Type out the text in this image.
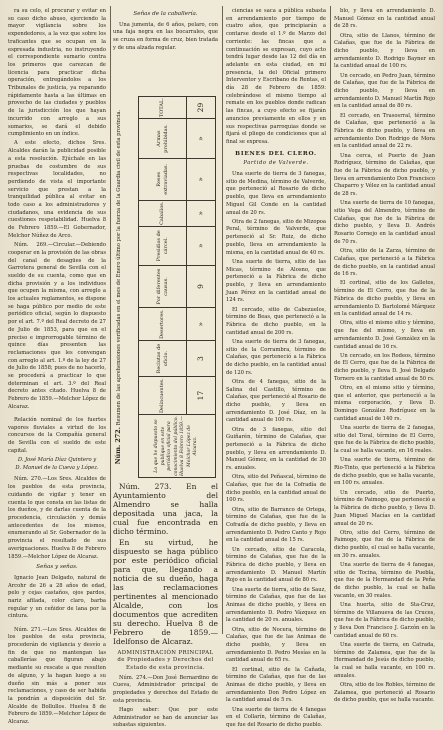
ra su celo, el procurar y evitar en su caso dicho abuso, ejerciendo la mayor vigilancia sobre los expendedores, a la vez que sobre los traficantes que se ocupan en la espresada industria, no instruyendo el correspondiente sumario contra los primeros que carezcan de licencia para practicar dicha operación, entregándolos a los Tribunales de justicia, ya reparando rápidamente hasta a las últimas en provecho de las ciudades y pueblos de la jurisdicción los que hayan incurrido con arreglo a sus sumarios, se dará el debido cumplimiento en un índice.

A este efecto, dichos Sres. Alcaldes darán la publicidad posible a esta resolución. Ejúchale en las pruebas de costumbre de sus respectivas localidades, no perdiendo de vista el importante servicio que prestan a la tranquilidad pública al evitar en todo caso a los administradores y ciudadanos, una evidencia de sus cuestiones respetabilidad. Huelva 8 de Febrero 1859.—El Gobernador, Melchor Núñez de Arco.

Núm. 269.—Circular.—Debiendo cooperar en la provisión de las obras del canal de desagües de la Garrotera general de Sevilla con el sueldo de su cuenta, como que en dicha provisión y a los individuos que ocupen la misma, con arreglo a los actuales reglamentos, se dispone se haga público por medio de este periódico oficial, según lo dispuesto por el art. 7.º del Real decreto de 27 de Julio de 1853, para que en el preciso e improrrogable término de quince días presenten las reclamaciones que les convengan con arreglo al art. 1.º de la ley de 27 de Julio de 1858; pues de no hacerlo, se procederá a practicar lo que determinan el art. 3.º del Real decreto antes citado. Huelva 8 de Febrero de 1859.—Melchor López de Alcaraz.

Relación nominal de los fuertes vapores fluviales a virtud de los concursos de la Compañía general de Sevilla con el sueldo de este capital.

D. José María Díaz Quintero y
D. Manuel de la Cueva y López.

Núm. 270.—Los Sres. Alcaldes de los pueblos de esta provincia, cuidando de vigilar y tener en cuenta lo que consta en las listas de los dueños, y de darlas cuenta de la procedencia, circulación y demás antecedentes de los mismos, enumerando al Sr. Gobernador de la provincia el resultado de sus averiguaciones. Huelva 8 de Febrero 1859.—Melchor López de Alcaraz.

Señas y señas.

Ignacio Jean Delgado, natural de Arcohr de 26 a 28 años de edad, pelo y cejas castaños, ojos pardos, nariz afilada, color claro, barba regular y un ceñidor de lana por la cintura.

Núm. 271.—Los Sres. Alcaldes de los pueblos de esta provincia, procederán de vigilancia y desvío a fin de que no mantengan las caballerías que figuran abajo mediante su rescate a que resulten de alguno, y la hagan luego a su dueño sin más a poner sus reclamaciones, y caso de ser habida la pondrán a disposición del Sr. Alcalde de Bollullos. Huelva 8 de Febrero de 1859.—Melchor López de Alcaraz.

Señas de la caballería.

Una jumenta, de 6 años, pelaro, con una faja negra en las bocarrales, que se cruza en forma de cruz, bien tratada y de una alzada regular.

Núm. 272. Resumen de las aprehensiones verificadas en el mes de Enero último por la fuerza de la Guardia civil de esta provincia.
Lo que he dispuesto se publique en este periódico oficial para conocimiento del público. Huelva 8 Febrero 1859.—Melchor López de Alcaraz.	Delincuentes.	Reclutas de oficio.	Desertores.	Por diferentes causas.	Presidios de cárcel.	Caballos.	Reses extraviadas.	Armas prohibidas.	TOTAL.
	17	3	»	9	»	»	»	»	29

Núm. 273. En el Ayuntamiento del Almendro se halla depositada una jaca, la cual fue encontrada en dicho término.

En su virtud, he dispuesto se haga público por este periódico oficial para que, llegando a noticia de su dueño, haga las reclamaciones pertinentes al mencionado Alcalde, con los documentos que acrediten su derecho. Huelva 8 de Febrero de 1859.—Idelfonso de Alcaraz.

ADMINISTRACIÓN PRINCIPAL de Propiedades y Derechos del Estado de esta provincia.

Núm. 274.—Don José Bernardino de Cueva, Administrador principal de propiedades y derechos del Estado de esta provincia.

Hago saber: Que por este Administrador se han de anunciar las subastas siguientes.

ciencias se saca a pública subasta en arrendamiento por tiempo de cuatro años, que principiarán a contarse desde el 1.º de Marzo del corriente: las fincas que a continuación se expresan, cuyo acto tendrá lugar desde las 12 del día en adelante en esta ciudad, en mi presencia, la del Oficial primero Interventor y Escribano de Rentas, el día 28 de Febrero de 1859: celebrándose el mismo tiempo al remate en los pueblos donde radican las fincas, a cuyo efecto se fijarán anuncios previamente en ellos y en sus respectivas parroquias donde se fijará el pliego de condiciones que al final se expresa.

BIENES DEL CLERO.
Partido de Valverde.

Una suerte de tierra de 3 fanegas, sitio de Medina, término de Valverde, que perteneció al Rosario de dicho pueblo, que lleva en arrendamiento Miguel Gil Conde en la cantidad anual de 20 rs.

Otra de 2 fanegas, sitio de Mizopoa Peral, término de Valverde, que perteneció al Sr. Ruiz, de dicho pueblo, lleva en arrendamiento la misma, en la cantidad anual de 40 rs.

Una suerte de tierra, sitio de las Micas, término de Alosno, que perteneció a la Fábrica de dicho pueblo, y lleva en arrendamiento Juan Pérez en la cantidad anual de 124 rs.

El cercado, sitio de Cabezuelos, término de Beas, que perteneció a la Fábrica de dicho pueblo, en la cantidad anual de 200 rs.

Una suerte de tierra de 3 fanegas, sitio de la Corrambra, término de Calañas, que perteneció a la Fábrica de dicho pueblo, en la cantidad anual de 120 rs.

Otra de 4 fanegas, sitio de la Salina del Castillo, término de Calañas, que perteneció al Rosario de dicho pueblo, y lleva en arrendamiento D. José Díaz, en la cantidad anual de 100 rs.

Otra de 3 fanegas, sitio del Guiñarén, término de Calañas, que perteneció a la Fábrica de dicho pueblo, y lleva en arrendamiento D. Manuel Gómez, en la cantidad de 30 rs. anuales.

Otra, sitio del Peñascal, término de Calañas, que fue de la Cofradía de dicho pueblo, en la cantidad anual de 100 rs.

Otra, sitio de Barranco de Ortega, término de Calañas, que fue de la Cofradía de dicho pueblo, y lleva en arrendamiento D. Pedro Canto y Rojo en la cantidad anual de 15 rs.

Un cercado, sitio de Caracola, término de Calañas, que fue de la Fábrica de dicho pueblo, y lleva en arrendamiento D. Manuel Martín Rojo en la cantidad anual de 80 rs.

Una suerte de tierra, sitio de Sauz, término de Calañas, que fue de las Animas de dicho pueblo, y lleva en arrendamiento D. Pedro Vázquez en la cantidad de 20 rs. anuales.

Otra, sitio de Nocera, término de Calañas, que fue de las Animas de dicho pueblo, y lleva en arrendamiento D. Pedro Mesías en la cantidad anual de 65 rs.

El cortinal, sitio de la Cañada, término de Calañas, que fue de las Animas de dicho pueblo, y lleva en arrendamiento Don Pedro López en la cantidad anual de 5 rs.

Una suerte de tierra de 4 fanegas en el Collarín, término de Calañas, que fue del Rosario de dicho pueblo.

blo, y lleva en arrendamiento D. Manuel Gómez en la cantidad anual de 28 rs.

Otra, sitio de Llanos, término de Calañas, que fue de la Fábrica de dicho pueblo, y lleva en arrendamiento D. Rodrigo Bayner en la cantidad anual de 100 rs.

Un cercado, en Pedro Juan, término de Calañas, que fue de la Fábrica de dicho pueblo, y lleva en arrendamiento D. Manuel Martín Rojo en la cantidad anual de 80 rs.

El cercado, en Trasosrral, término de Calañas, que perteneció a la Fábrica de dicho pueblo, y lleva en arrendamiento Don Rodrigo de Mora en la cantidad anual de 22 rs.

Una cerca, el Puerto de Juan Rodríguez, término de Calañas, que fue de la Fábrica de dicho pueblo, y lleva en arrendamiento Don Francisco Chaparro y Vélez en la cantidad anual de 28 rs.

Una suerte de tierra de 10 fanegas, sitio Vega del Almendro, término de Calañas, que fue de la Fábrica de dicho pueblo, y lleva D. Andrés Rosario Cornejo en la cantidad anual de 70 rs.

Otra, sitio de la Zarza, término de Calañas, que perteneció a la Fábrica de dicho pueblo, en la cantidad anual de 16 rs.

El cortinal, sitio de los Galletos, término de El Cerro, que fue de la Fábrica de dicho pueblo, y lleva en arrendamiento D. Bartolomé Márquez en la cantidad anual de 14 rs.

Otra, sitio el mismo sitio y término, que fue del mismo, y lleva en arrendamiento D. José González en la cantidad anual de 16 rs.

Un cercado, en los Rodeos, término de El Cerro, que fue de la Fábrica de dicho pueblo, y lleva D. José Delgado Tornero en la cantidad anual de 50 rs.

Otro, en el mismo sitio y término, que el anterior, que perteneció a la misma corporación, y lleva D. Domingo González Rodríguez en la cantidad anual de 140 rs.

Una suerte de tierra de 2 fanegas, sitio del Toral, término de El Cerro, que fue de la Fábrica de dicho pueblo, la cual se halla vacante, en 16 reales.

Una suerte de tierra, término de Rio-Tinto, que perteneció a la Fábrica de dicho pueblo, que se halla vacante, en 100 rs. anuales.

Un cercado, sitio de Puerto, término de Paimogo, que perteneció a la Fábrica de dicho pueblo, y lleva D. Juan Miguel Macías en la cantidad anual de 20 rs.

Otro, sitio del Cerro, término de Paimogo, que fue de la Fábrica de dicho pueblo, el cual se halla vacante, en 30 rs. anuales.

Una suerte de tierra de 4 fanegas, sitio de Tocina, término de Puebla, que fue de la Hermandad de la Peña de dicho pueblo, la cual se halla vacante, en 30 reales.

Una huerta, sitio de Sta-Cruz, término de Villanueva de las Cruces, que fue de la Fábrica de dicho pueblo, y lleva Don Francisco J. Garzón en la cantidad anual de 60 rs.

Una suerte de tierra, en Catrada, término de Zalamea, que fue de la Hermandad de Jesús de dicho pueblo, la cual se halla vacante, en 100 rs. anuales.

Otra, sitio de los Robles, término de Zalamea, que perteneció al Rosario de dicho pueblo, que se halla vacante.
